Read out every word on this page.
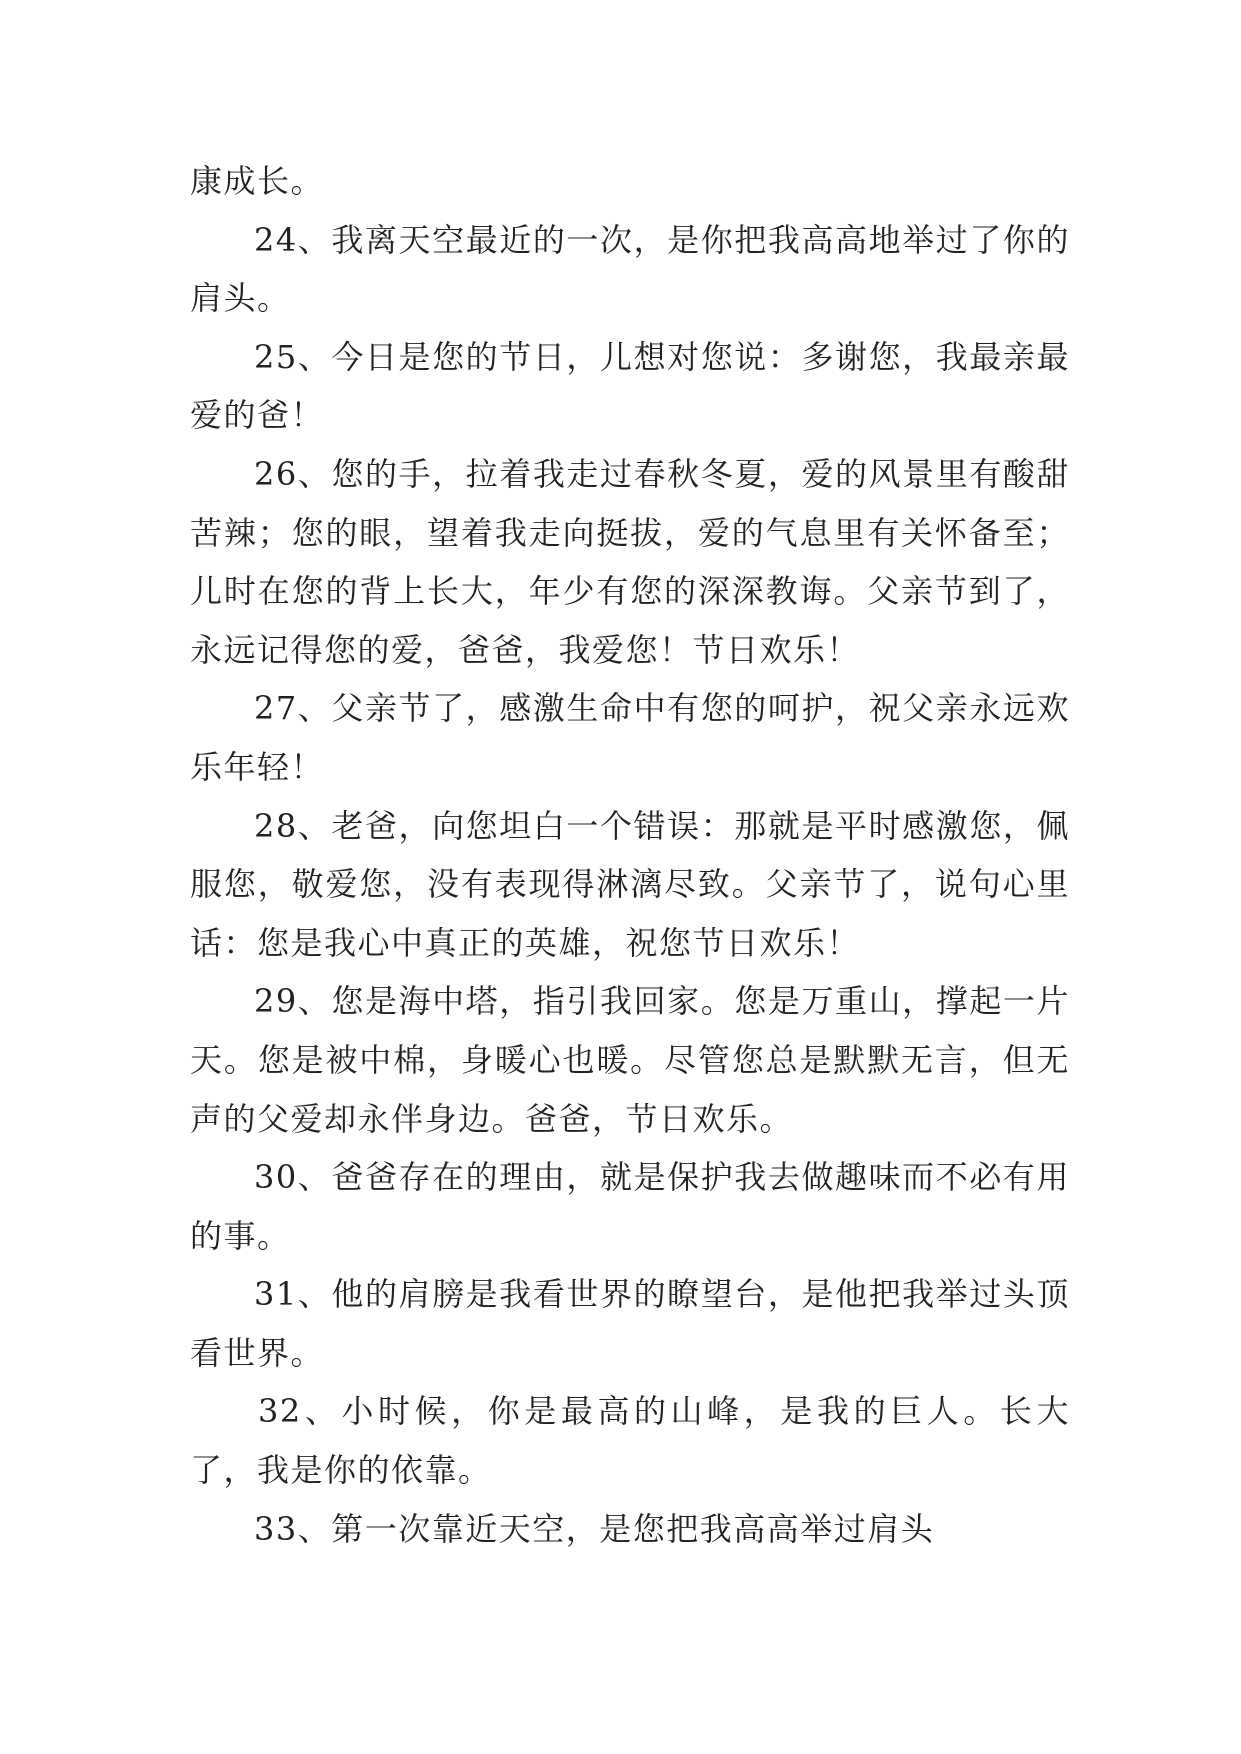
康成长。

24、我离天空最近的一次，是你把我高高地举过了你的肩头。

25、今日是您的节日，儿想对您说：多谢您，我最亲最爱的爸！

26、您的手，拉着我走过春秋冬夏，爱的风景里有酸甜苦辣；您的眼，望着我走向挺拔，爱的气息里有关怀备至；儿时在您的背上长大，年少有您的深深教诲。父亲节到了，永远记得您的爱，爸爸，我爱您！节日欢乐！

27、父亲节了，感激生命中有您的呵护，祝父亲永远欢乐年轻！

28、老爸，向您坦白一个错误：那就是平时感激您，佩服您，敬爱您，没有表现得淋漓尽致。父亲节了，说句心里话：您是我心中真正的英雄，祝您节日欢乐！

29、您是海中塔，指引我回家。您是万重山，撑起一片天。您是被中棉，身暖心也暖。尽管您总是默默无言，但无声的父爱却永伴身边。爸爸，节日欢乐。

30、爸爸存在的理由，就是保护我去做趣味而不必有用的事。

31、他的肩膀是我看世界的瞭望台，是他把我举过头顶看世界。

32、小时候，你是最高的山峰，是我的巨人。长大了，我是你的依靠。

33、第一次靠近天空，是您把我高高举过肩头
